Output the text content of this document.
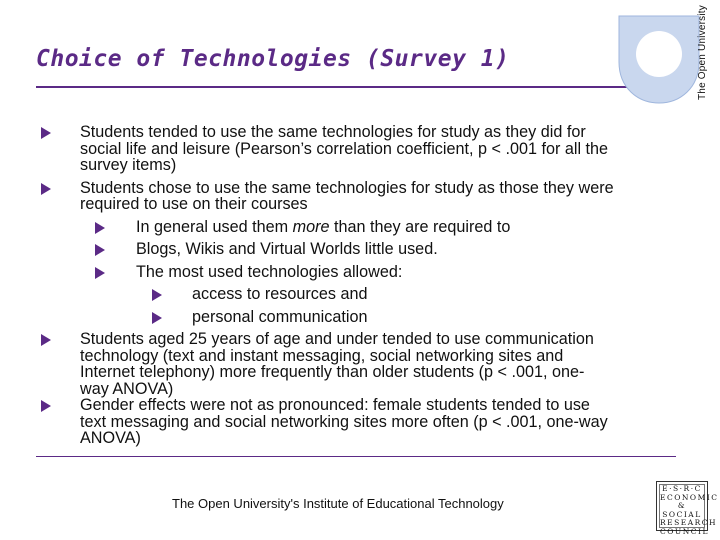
Choice of Technologies (Survey 1)	The Open University
Students tended to use the same technologies for study as they did for
social life and leisure (Pearson’s correlation coefficient, p < .001 for all the
survey items)
Students chose to use the same technologies for study as those they were
required to use on their courses
In general used them more than they are required to
Blogs, Wikis and Virtual Worlds little used.
The most used technologies allowed:
access to resources and
personal communication
Students aged 25 years of age and under tended to use communication
technology (text and instant messaging, social networking sites and
Internet telephony) more frequently than older students (p < .001, one-
way ANOVA)
Gender effects were not as pronounced: female students tended to use
text messaging and social networking sites more often (p < .001, one-way
ANOVA)
The Open University's Institute of Educational Technology
E·S·R·C
ECONOMIC
& SOCIAL
RESEARCH
COUNCIL
